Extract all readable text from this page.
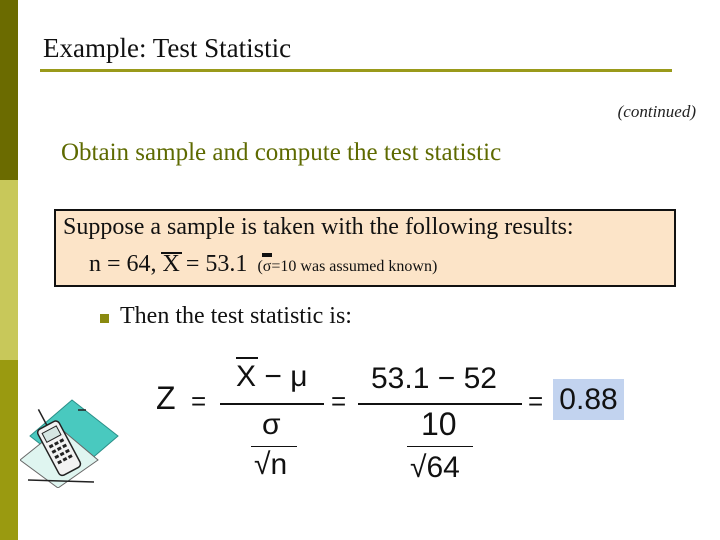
Example: Test Statistic
(continued)
Obtain sample and compute the test statistic
Suppose a sample is taken with the following results:
n = 64, X = 53.1 (σ=10 was assumed known)
Then the test statistic is:
Z =
X − μ
σ
√n
=
53.1 − 52
10
√64
= 0.88
